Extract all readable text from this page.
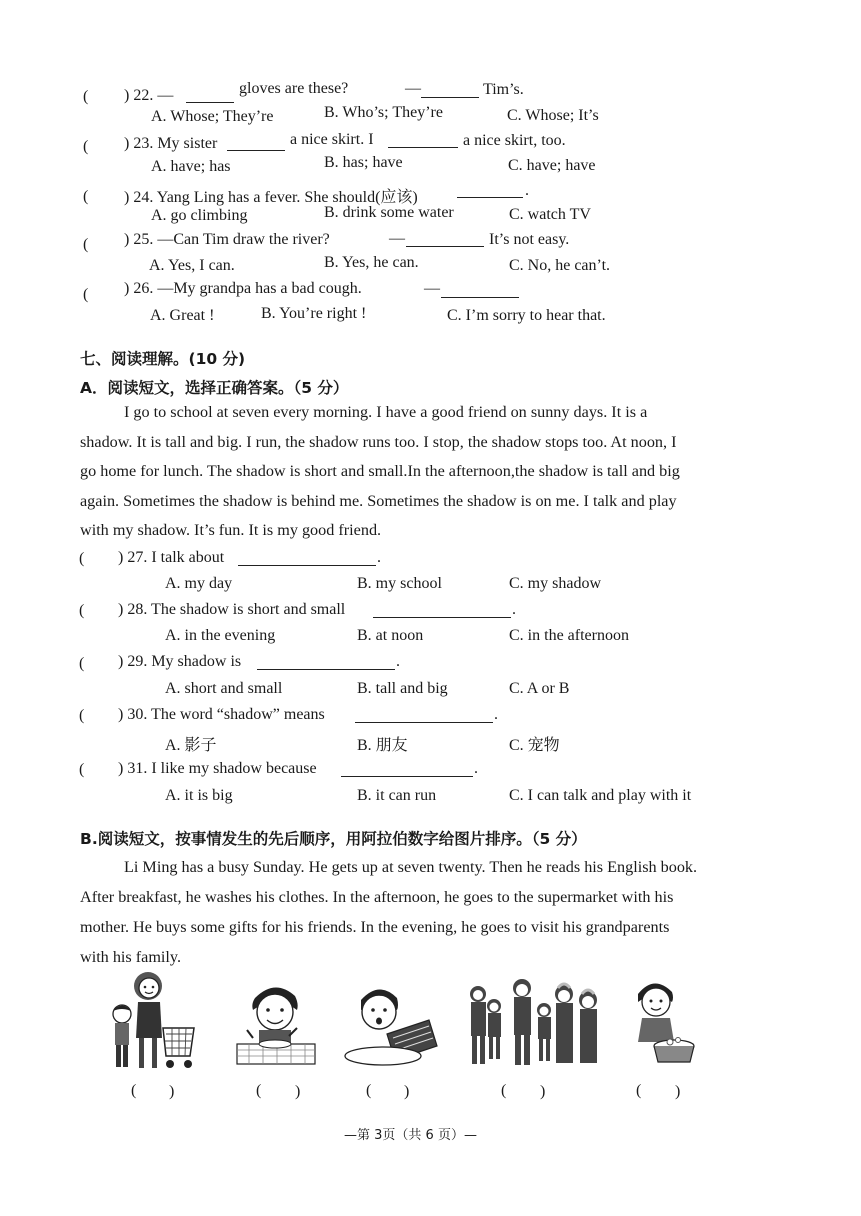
( ) 22. —	gloves are these?	—	Tim’s.
A. Whose; They’re	B. Who’s; They’re	C. Whose; It’s
( ) 23. My sister	a nice skirt. I	a nice skirt, too.
A. have; has	B. has; have	C. have; have
( ) 24. Yang Ling has a fever. She should(应该)	.
A. go climbing	B. drink some water	C. watch TV
( ) 25. —Can Tim draw the river?	—	It’s not easy.
A. Yes, I can.	B. Yes, he can.	C. No, he can’t.
( ) 26. —My grandpa has a bad cough.	—
A. Great !	B. You’re right !	C. I’m sorry to hear that.
七、阅读理解。(10 分)
A．阅读短文，选择正确答案。（5 分）

I go to school at seven every morning. I have a good friend on sunny days. It is a

shadow. It is tall and big. I run, the shadow runs too. I stop, the shadow stops too. At noon, I

go home for lunch. The shadow is short and small.In the afternoon,the shadow is tall and big

again. Sometimes the shadow is behind me. Sometimes the shadow is on me. I talk and play

with my shadow. It’s fun. It is my good friend.

( ) 27. I talk about	.
A. my day	B. my school	C. my shadow
( ) 28. The shadow is short and small	.
A. in the evening	B. at noon	C. in the afternoon
( ) 29. My shadow is	.
A. short and small	B. tall and big	C. A or B
( ) 30. The word “shadow” means	.
A. 影子	B. 朋友	C. 宠物
( ) 31. I like my shadow because	.
A. it is big	B. it can run	C. I can talk and play with it
B.阅读短文，按事情发生的先后顺序，用阿拉伯数字给图片排序。（5 分）

Li Ming has a busy Sunday. He gets up at seven twenty. Then he reads his English book.

After breakfast, he washes his clothes. In the afternoon, he goes to the supermarket with his

mother. He buys some gifts for his friends. In the evening, he goes to visit his grandparents

with his family.

( )	( )	( )	( )	( )
—第 3页（共 6 页）—
